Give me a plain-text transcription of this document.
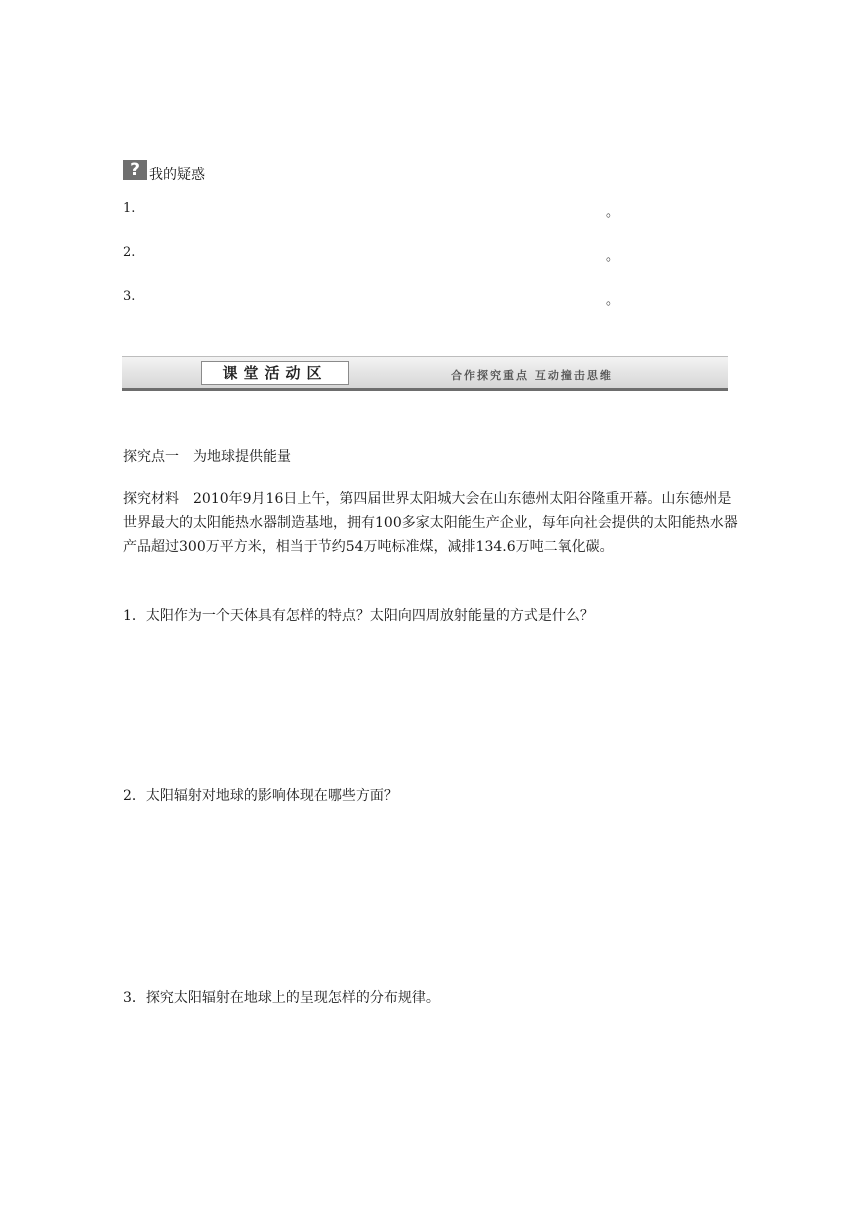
? 我的疑惑
1.	。
2.	。
3.	。
课堂活动区	合作探究重点 互动撞击思维
探究点一　为地球提供能量
探究材料 2010年9月16日上午，第四届世界太阳城大会在山东德州太阳谷隆重开幕。山东德州是世界最大的太阳能热水器制造基地，拥有100多家太阳能生产企业，每年向社会提供的太阳能热水器产品超过300万平方米，相当于节约54万吨标准煤，减排134.6万吨二氧化碳。
1．太阳作为一个天体具有怎样的特点？太阳向四周放射能量的方式是什么？
2．太阳辐射对地球的影响体现在哪些方面？
3．探究太阳辐射在地球上的呈现怎样的分布规律。
